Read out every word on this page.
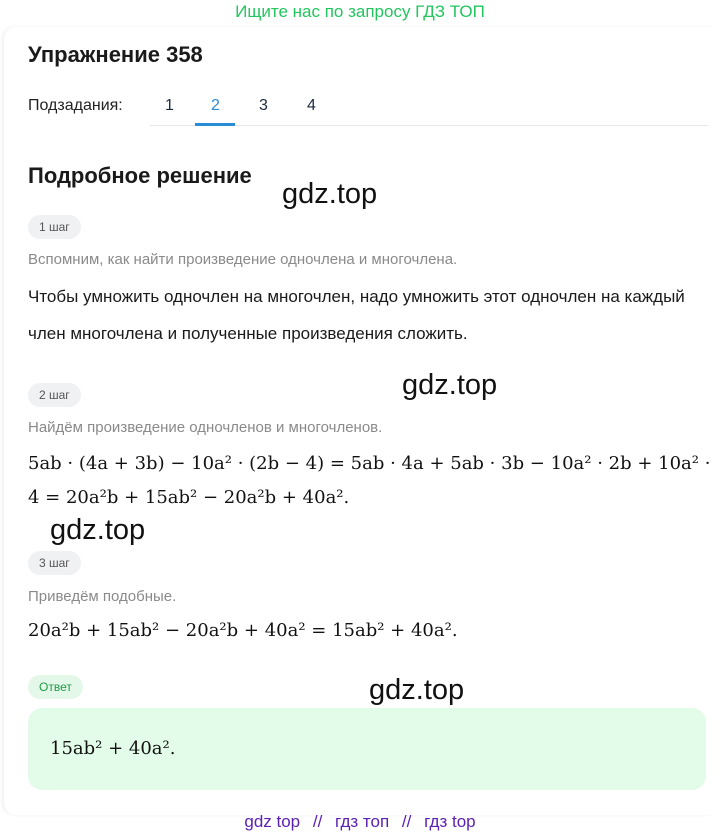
Ищите нас по запросу ГДЗ ТОП
Упражнение 358
Подзадания:	1 2 3 4
Подробное решение
gdz.top
gdz.top
gdz.top
gdz.top
1 шаг
Вспомним, как найти произведение одночлена и многочлена.
Чтобы умножить одночлен на многочлен, надо умножить этот одночлен на каждый член многочлена и полученные произведения сложить.
2 шаг
Найдём произведение одночленов и многочленов.
5ab · (4a + 3b) − 10a² · (2b − 4) = 5ab · 4a + 5ab · 3b − 10a² · 2b + 10a² ·
4 = 20a²b + 15ab² − 20a²b + 40a².
3 шаг
Приведём подобные.
20a²b + 15ab² − 20a²b + 40a² = 15ab² + 40a².
Ответ
15ab² + 40a².
gdz top // гдз топ // гдз top
